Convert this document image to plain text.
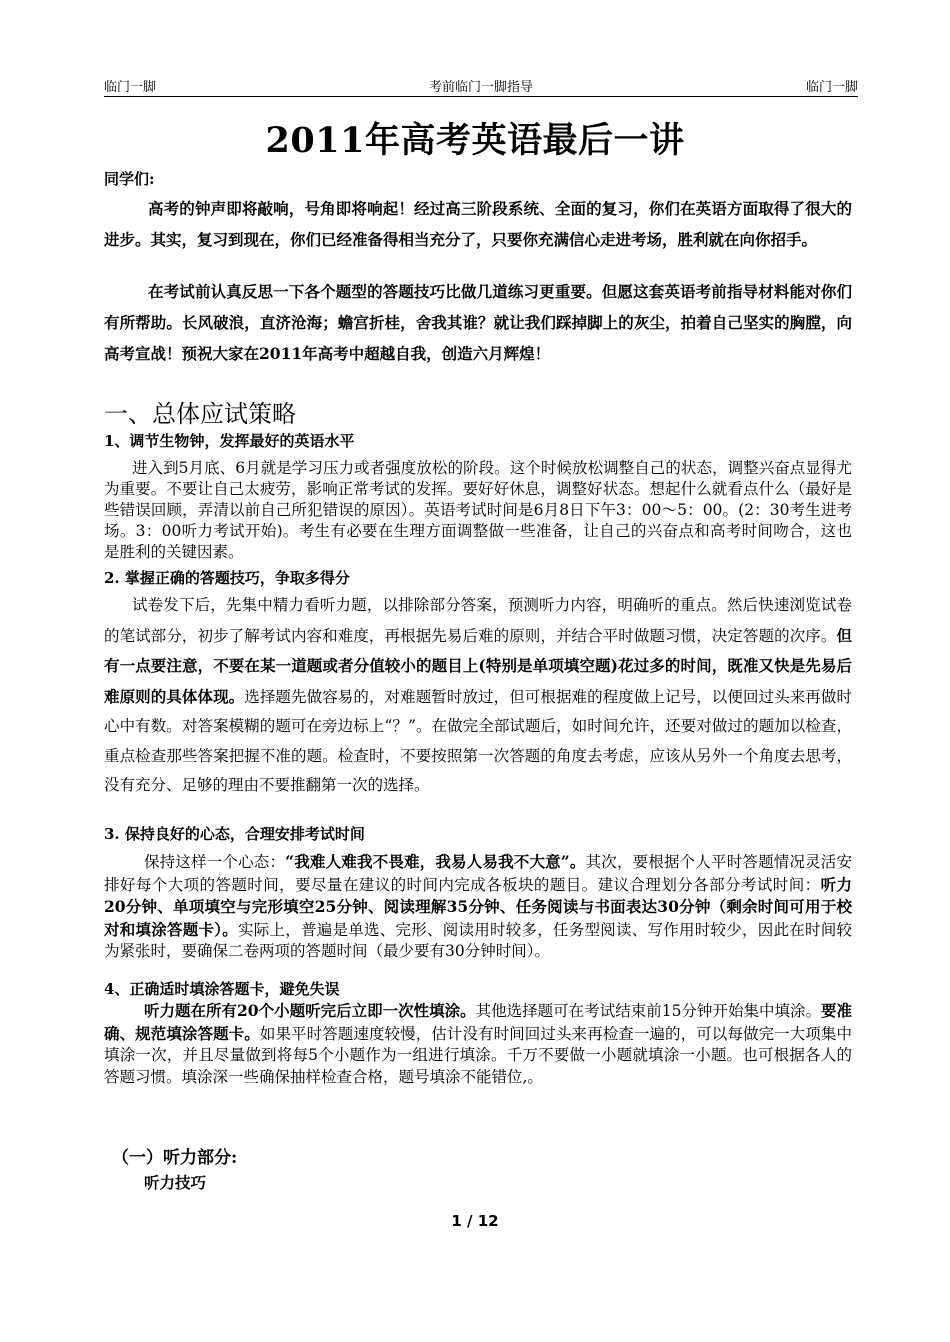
临门一脚	考前临门一脚指导	临门一脚
2011年高考英语最后一讲
同学们:
高考的钟声即将敲响，号角即将响起！经过高三阶段系统、全面的复习，你们在英语方面取得了很大的进步。其实，复习到现在，你们已经准备得相当充分了，只要你充满信心走进考场，胜利就在向你招手。
在考试前认真反思一下各个题型的答题技巧比做几道练习更重要。但愿这套英语考前指导材料能对你们有所帮助。长风破浪，直济沧海；蟾宫折桂，舍我其谁？就让我们踩掉脚上的灰尘，拍着自己坚实的胸膛，向高考宣战！预祝大家在2011年高考中超越自我，创造六月辉煌！
一、总体应试策略
1、调节生物钟，发挥最好的英语水平
进入到5月底、6月就是学习压力或者强度放松的阶段。这个时候放松调整自己的状态，调整兴奋点显得尤为重要。不要让自己太疲劳，影响正常考试的发挥。要好好休息，调整好状态。想起什么就看点什么（最好是些错误回顾，弄清以前自己所犯错误的原因）。英语考试时间是6月8日下午3：00～5：00。(2：30考生进考场。3：00听力考试开始)。考生有必要在生理方面调整做一些准备，让自己的兴奋点和高考时间吻合，这也是胜利的关键因素。
2. 掌握正确的答题技巧，争取多得分
试卷发下后，先集中精力看听力题，以排除部分答案，预测听力内容，明确听的重点。然后快速浏览试卷的笔试部分，初步了解考试内容和难度，再根据先易后难的原则，并结合平时做题习惯，决定答题的次序。但有一点要注意，不要在某一道题或者分值较小的题目上(特别是单项填空题)花过多的时间，既准又快是先易后难原则的具体体现。选择题先做容易的，对难题暂时放过，但可根据难的程度做上记号，以便回过头来再做时心中有数。对答案模糊的题可在旁边标上“？”。在做完全部试题后，如时间允许，还要对做过的题加以检查，重点检查那些答案把握不准的题。检查时，不要按照第一次答题的角度去考虑，应该从另外一个角度去思考，没有充分、足够的理由不要推翻第一次的选择。
3. 保持良好的心态，合理安排考试时间
保持这样一个心态：“我难人难我不畏难，我易人易我不大意”。其次，要根据个人平时答题情况灵活安排好每个大项的答题时间，要尽量在建议的时间内完成各板块的题目。建议合理划分各部分考试时间：听力20分钟、单项填空与完形填空25分钟、阅读理解35分钟、任务阅读与书面表达30分钟（剩余时间可用于校对和填涂答题卡）。实际上，普遍是单选、完形、阅读用时较多，任务型阅读、写作用时较少，因此在时间较为紧张时，要确保二卷两项的答题时间（最少要有30分钟时间）。
4、正确适时填涂答题卡，避免失误
听力题在所有20个小题听完后立即一次性填涂。其他选择题可在考试结束前15分钟开始集中填涂。要准确、规范填涂答题卡。如果平时答题速度较慢，估计没有时间回过头来再检查一遍的，可以每做完一大项集中填涂一次，并且尽量做到将每5个小题作为一组进行填涂。千万不要做一小题就填涂一小题。也可根据各人的答题习惯。填涂深一些确保抽样检查合格，题号填涂不能错位,。
（一）听力部分:
听力技巧
1 / 12
